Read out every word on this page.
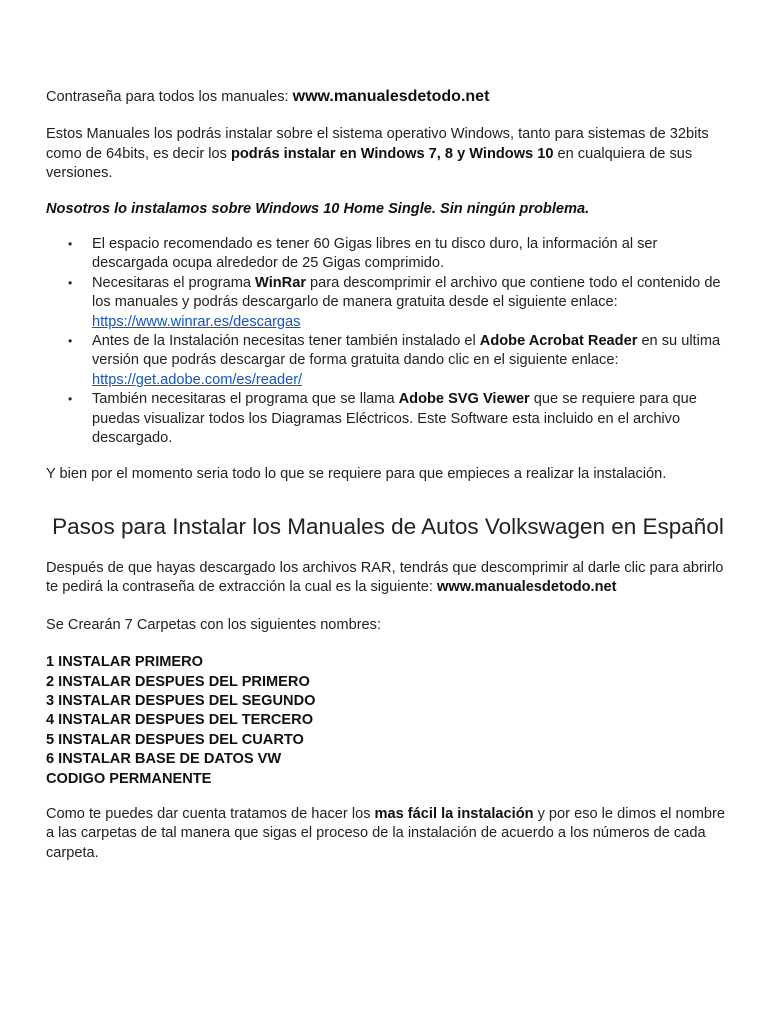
Contraseña para todos los manuales: www.manualesdetodo.net

Estos Manuales los podrás instalar sobre el sistema operativo Windows, tanto para sistemas de 32bits como de 64bits, es decir los podrás instalar en Windows 7, 8 y Windows 10 en cualquiera de sus versiones.

Nosotros lo instalamos sobre Windows 10 Home Single. Sin ningún problema.

• El espacio recomendado es tener 60 Gigas libres en tu disco duro, la información al ser descargada ocupa alrededor de 25 Gigas comprimido.
• Necesitaras el programa WinRar para descomprimir el archivo que contiene todo el contenido de los manuales y podrás descargarlo de manera gratuita desde el siguiente enlace: https://www.winrar.es/descargas
• Antes de la Instalación necesitas tener también instalado el Adobe Acrobat Reader en su ultima versión que podrás descargar de forma gratuita dando clic en el siguiente enlace: https://get.adobe.com/es/reader/
• También necesitaras el programa que se llama Adobe SVG Viewer que se requiere para que puedas visualizar todos los Diagramas Eléctricos. Este Software esta incluido en el archivo descargado.

Y bien por el momento seria todo lo que se requiere para que empieces a realizar la instalación.

Pasos para Instalar los Manuales de Autos Volkswagen en Español

Después de que hayas descargado los archivos RAR, tendrás que descomprimir al darle clic para abrirlo te pedirá la contraseña de extracción la cual es la siguiente: www.manualesdetodo.net

Se Crearán 7 Carpetas con los siguientes nombres:

1 INSTALAR PRIMERO
2 INSTALAR DESPUES DEL PRIMERO
3 INSTALAR DESPUES DEL SEGUNDO
4 INSTALAR DESPUES DEL TERCERO
5 INSTALAR DESPUES DEL CUARTO
6 INSTALAR BASE DE DATOS VW
CODIGO PERMANENTE

Como te puedes dar cuenta tratamos de hacer los mas fácil la instalación y por eso le dimos el nombre a las carpetas de tal manera que sigas el proceso de la instalación de acuerdo a los números de cada carpeta.
